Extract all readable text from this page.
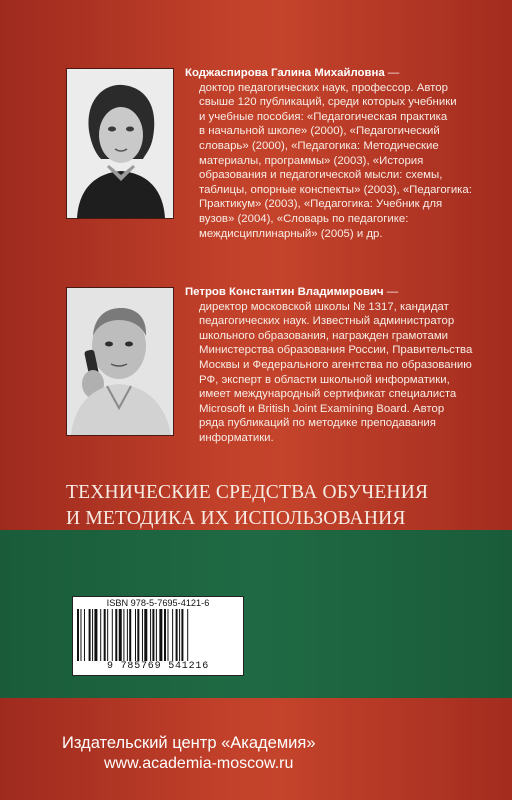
Коджаспирова Галина Михайловна —
доктор педагогических наук, профессор. Автор
свыше 120 публикаций, среди которых учебники
и учебные пособия: «Педагогическая практика
в начальной школе» (2000), «Педагогический
словарь» (2000), «Педагогика: Методические
материалы, программы» (2003), «История
образования и педагогической мысли: схемы,
таблицы, опорные конспекты» (2003), «Педагогика:
Практикум» (2003), «Педагогика: Учебник для
вузов» (2004), «Словарь по педагогике:
междисциплинарный» (2005) и др.
Петров Константин Владимирович —
директор московской школы № 1317, кандидат
педагогических наук. Известный администратор
школьного образования, награжден грамотами
Министерства образования России, Правительства
Москвы и Федерального агентства по образованию
РФ, эксперт в области школьной информатики,
имеет международный сертификат специалиста
Microsoft и British Joint Examining Board. Автор
ряда публикаций по методике преподавания
информатики.
ТЕХНИЧЕСКИЕ СРЕДСТВА ОБУЧЕНИЯ
И МЕТОДИКА ИХ ИСПОЛЬЗОВАНИЯ
ISBN 978-5-7695-4121-6
9 785769 541216
Издательский центр «Академия»
www.academia-moscow.ru
